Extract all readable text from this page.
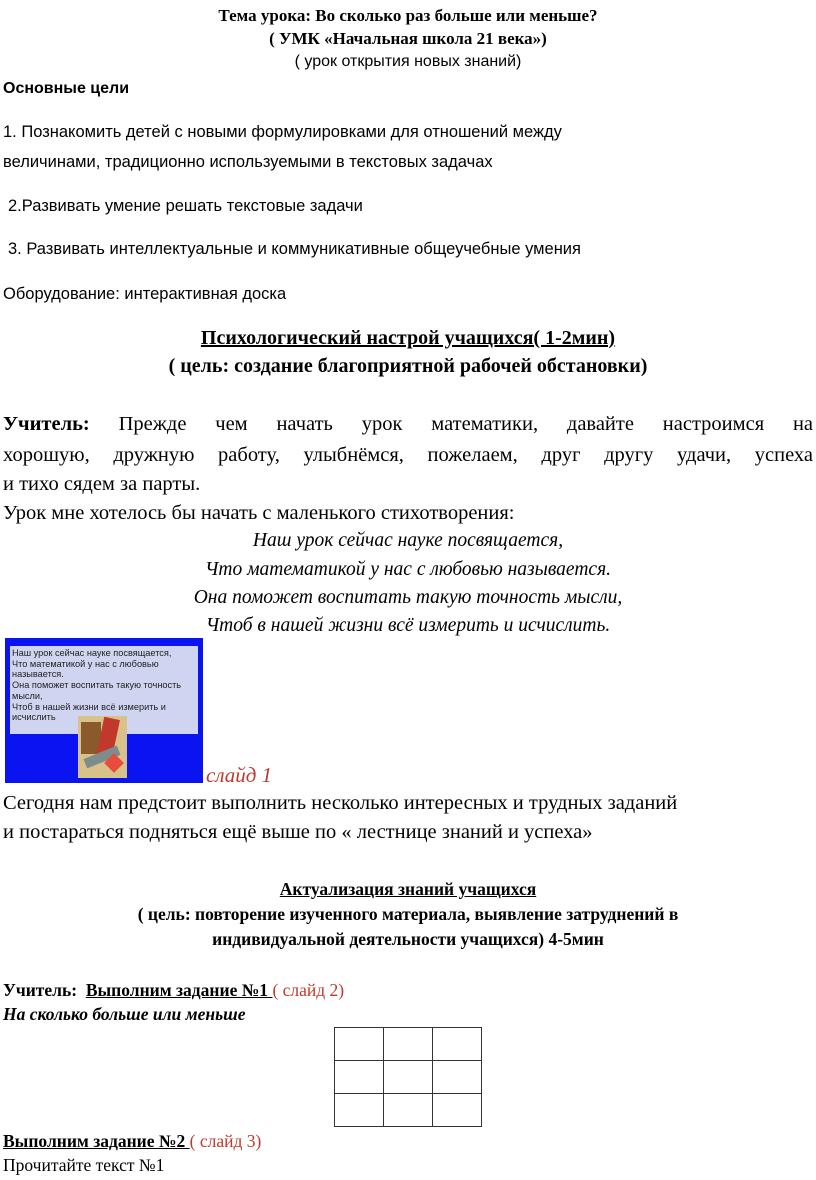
Тема урока: Во сколько раз больше или меньше?
( УМК «Начальная школа 21 века»)
( урок открытия новых знаний)
Основные цели
1. Познакомить детей с новыми формулировками для отношений между
величинами, традиционно используемыми в текстовых задачах
2.Развивать умение решать текстовые задачи
3. Развивать интеллектуальные и коммуникативные общеучебные умения
Оборудование: интерактивная доска
Психологический настрой учащихся( 1-2мин)
( цель: создание благоприятной рабочей обстановки)
Учитель: Прежде чем начать урок математики, давайте настроимся на
хорошую, дружную работу, улыбнёмся, пожелаем, друг другу удачи, успеха
и тихо сядем за парты.
Урок мне хотелось бы начать с маленького стихотворения:
Наш урок сейчас науке посвящается,
Что математикой у нас с любовью называется.
Она поможет воспитать такую точность мысли,
Чтоб в нашей жизни всё измерить и исчислить.
Наш урок сейчас науке посвящается,
Что математикой у нас с любовью
называется.
Она поможет воспитать такую точность
мысли,
Чтоб в нашей жизни всё измерить и
исчислить
слайд 1
Сегодня нам предстоит выполнить несколько интересных и трудных заданий
и постараться подняться ещё выше по « лестнице знаний и успеха»
Актуализация знаний учащихся
( цель: повторение изученного материала, выявление затруднений в
индивидуальной деятельности учащихся) 4-5мин
Учитель: Выполним задание №1 ( слайд 2)
На сколько больше или меньше

Выполним задание №2 ( слайд 3)
Прочитайте текст №1
